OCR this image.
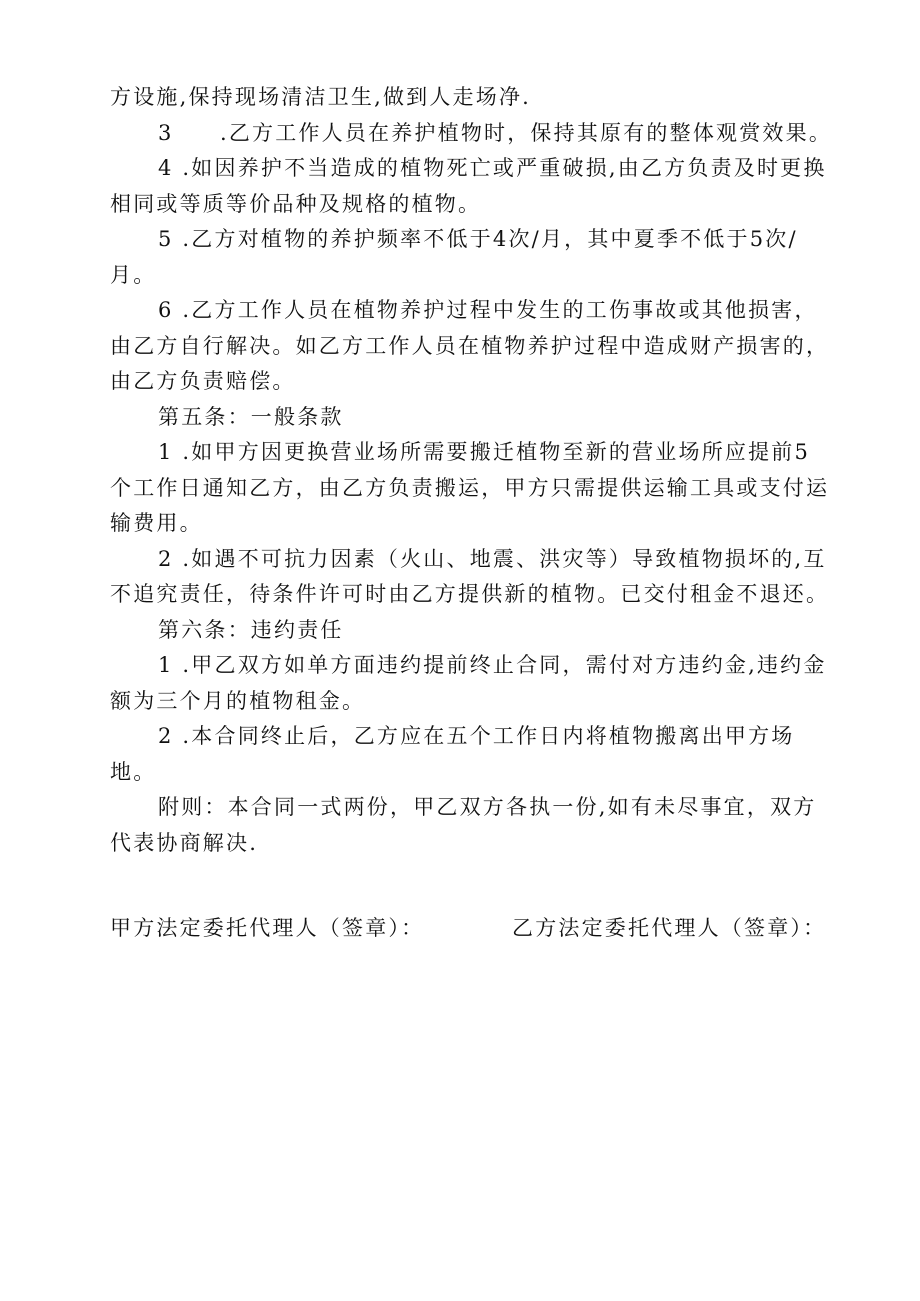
方设施,保持现场清洁卫生,做到人走场净.
3  .乙方工作人员在养护植物时，保持其原有的整体观赏效果。
4 .如因养护不当造成的植物死亡或严重破损,由乙方负责及时更换
相同或等质等价品种及规格的植物。
5 .乙方对植物的养护频率不低于4次/月，其中夏季不低于5次/
月。
6 .乙方工作人员在植物养护过程中发生的工伤事故或其他损害，
由乙方自行解决。如乙方工作人员在植物养护过程中造成财产损害的，
由乙方负责赔偿。
第五条：一般条款
1 .如甲方因更换营业场所需要搬迁植物至新的营业场所应提前5
个工作日通知乙方，由乙方负责搬运，甲方只需提供运输工具或支付运
输费用。
2 .如遇不可抗力因素（火山、地震、洪灾等）导致植物损坏的,互
不追究责任，待条件许可时由乙方提供新的植物。已交付租金不退还。
第六条：违约责任
1 .甲乙双方如单方面违约提前终止合同，需付对方违约金,违约金
额为三个月的植物租金。
2 .本合同终止后，乙方应在五个工作日内将植物搬离出甲方场
地。
附则：本合同一式两份，甲乙双方各执一份,如有未尽事宜，双方
代表协商解决.
甲方法定委托代理人（签章）：	乙方法定委托代理人（签章）：
